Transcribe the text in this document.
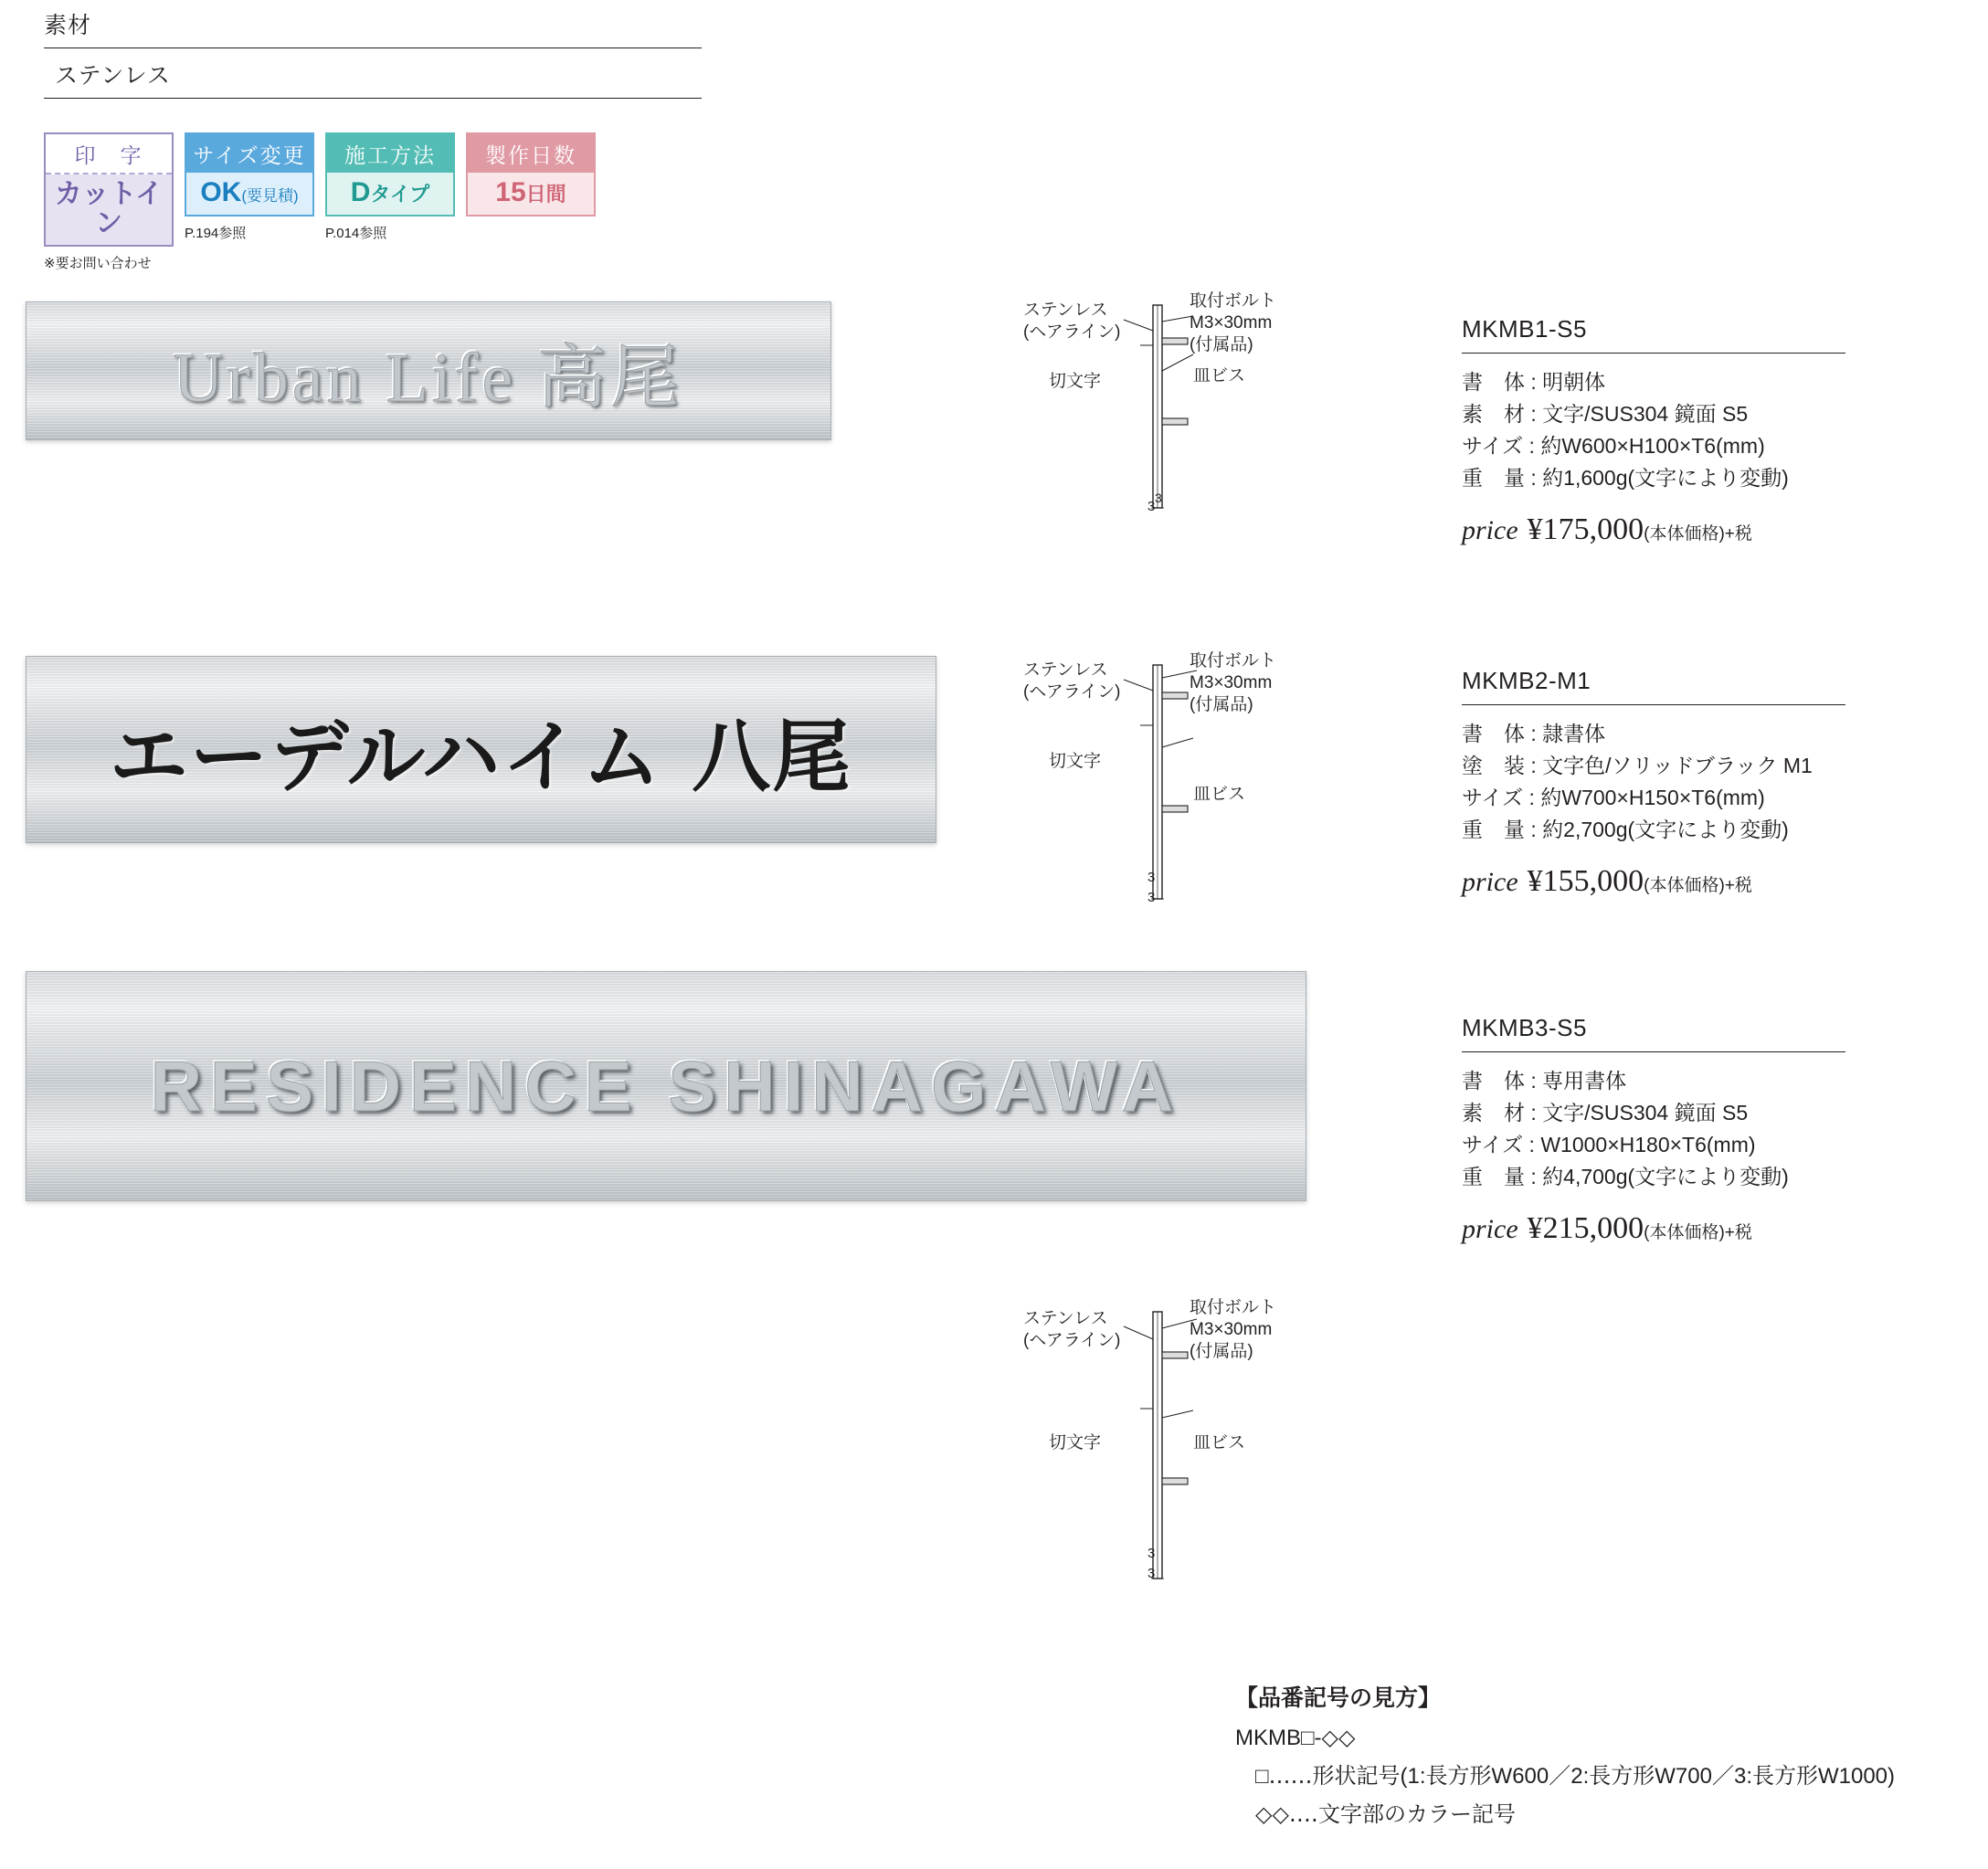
素材
ステンレス
印　字
カットイン
※要お問い合わせ
サイズ変更
OK(要見積)
P.194参照
施工方法
Dタイプ
P.014参照
製作日数
15日間
Urban Life 高尾
エーデルハイム 八尾
RESIDENCE SHINAGAWA
3
ステンレス
(ヘアライン)
取付ボルト
M3×30mm
(付属品)
切文字	皿ビス
3
ステンレス
(ヘアライン)
取付ボルト
M3×30mm
(付属品)
切文字
皿ビス
3
3
ステンレス
(ヘアライン)
取付ボルト
M3×30mm
(付属品)
切文字	皿ビス
3
3
MKMB1-S5
書　体 : 明朝体
素　材 : 文字/SUS304 鏡面 S5
サイズ : 約W600×H100×T6(mm)
重　量 : 約1,600g(文字により変動)
price ¥175,000(本体価格)+税
MKMB2-M1
書　体 : 隷書体
塗　装 : 文字色/ソリッドブラック M1
サイズ : 約W700×H150×T6(mm)
重　量 : 約2,700g(文字により変動)
price ¥155,000(本体価格)+税
MKMB3-S5
書　体 : 専用書体
素　材 : 文字/SUS304 鏡面 S5
サイズ : W1000×H180×T6(mm)
重　量 : 約4,700g(文字により変動)
price ¥215,000(本体価格)+税
【品番記号の見方】
MKMB□-◇◇
□‥‥‥形状記号(1:長方形W600／2:長方形W700／3:長方形W1000)
◇◇‥‥文字部のカラー記号
